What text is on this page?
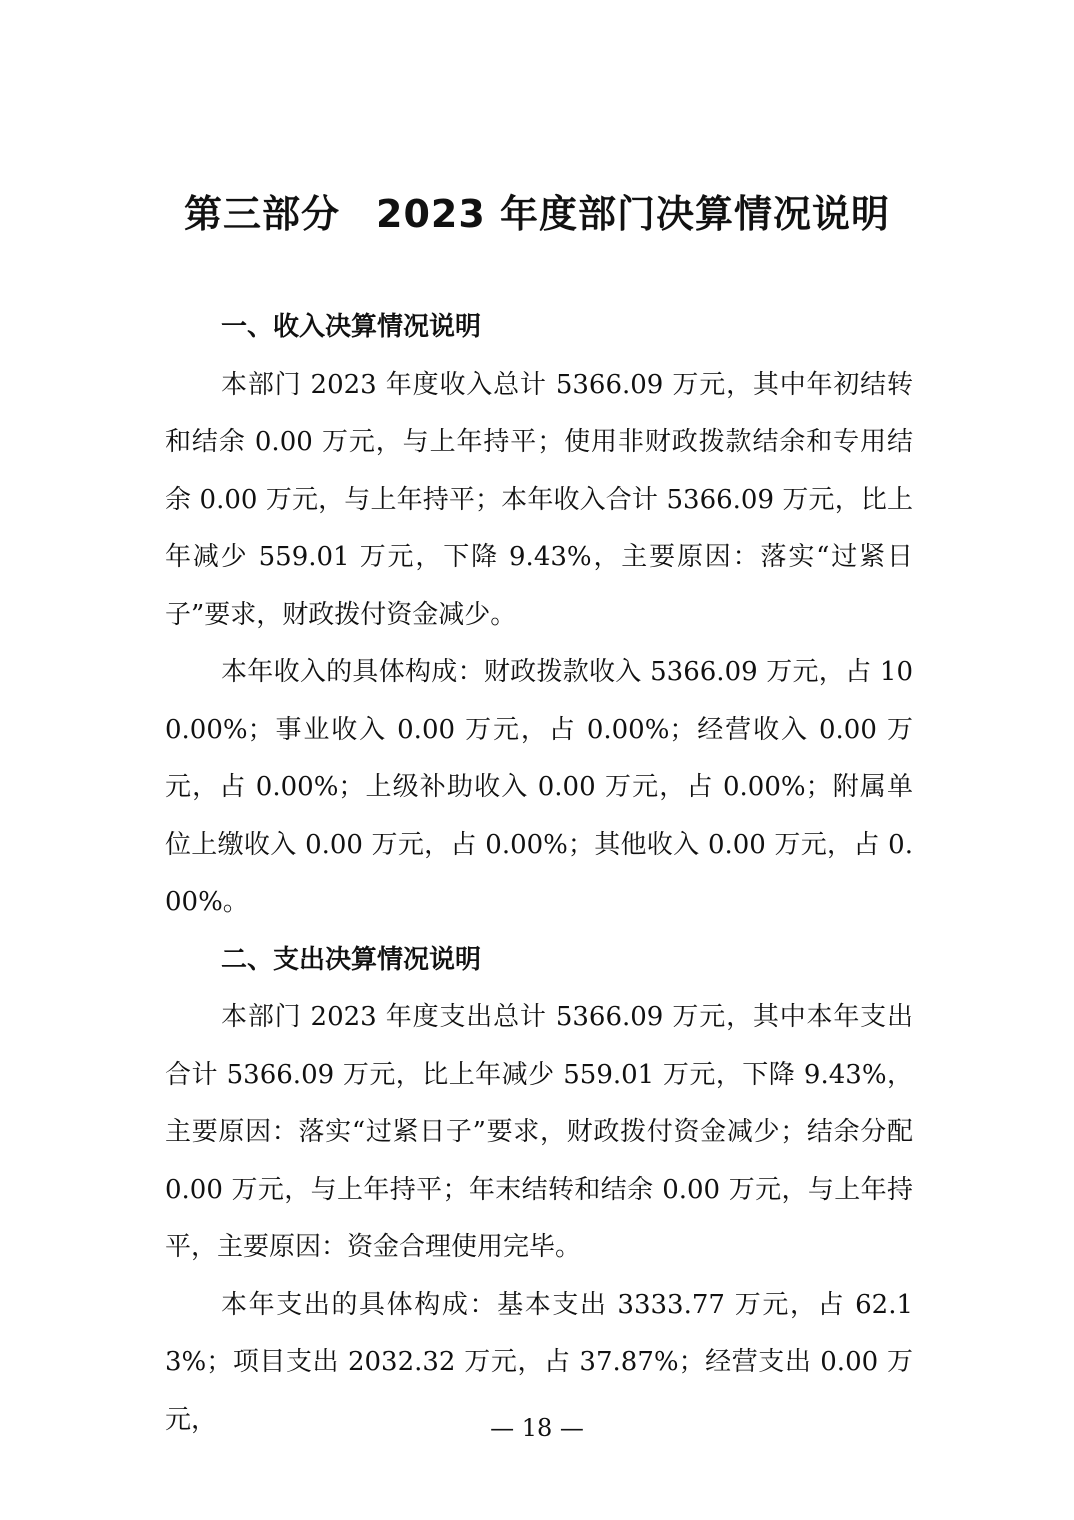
第三部分 2023 年度部门决算情况说明

一、收入决算情况说明

本部门 2023 年度收入总计 5366.09 万元，其中年初结转和结余 0.00 万元，与上年持平；使用非财政拨款结余和专用结余 0.00 万元，与上年持平；本年收入合计 5366.09 万元，比上年减少 559.01 万元，下降 9.43%，主要原因：落实“过紧日子”要求，财政拨付资金减少。

本年收入的具体构成：财政拨款收入 5366.09 万元，占 100.00%；事业收入 0.00 万元，占 0.00%；经营收入 0.00 万元，占 0.00%；上级补助收入 0.00 万元，占 0.00%；附属单位上缴收入 0.00 万元，占 0.00%；其他收入 0.00 万元，占 0.00%。

二、支出决算情况说明

本部门 2023 年度支出总计 5366.09 万元，其中本年支出合计 5366.09 万元，比上年减少 559.01 万元，下降 9.43%，主要原因：落实“过紧日子”要求，财政拨付资金减少；结余分配 0.00 万元，与上年持平；年末结转和结余 0.00 万元，与上年持平，主要原因：资金合理使用完毕。

本年支出的具体构成：基本支出 3333.77 万元，占 62.13%；项目支出 2032.32 万元，占 37.87%；经营支出 0.00 万元，	— 18 —
